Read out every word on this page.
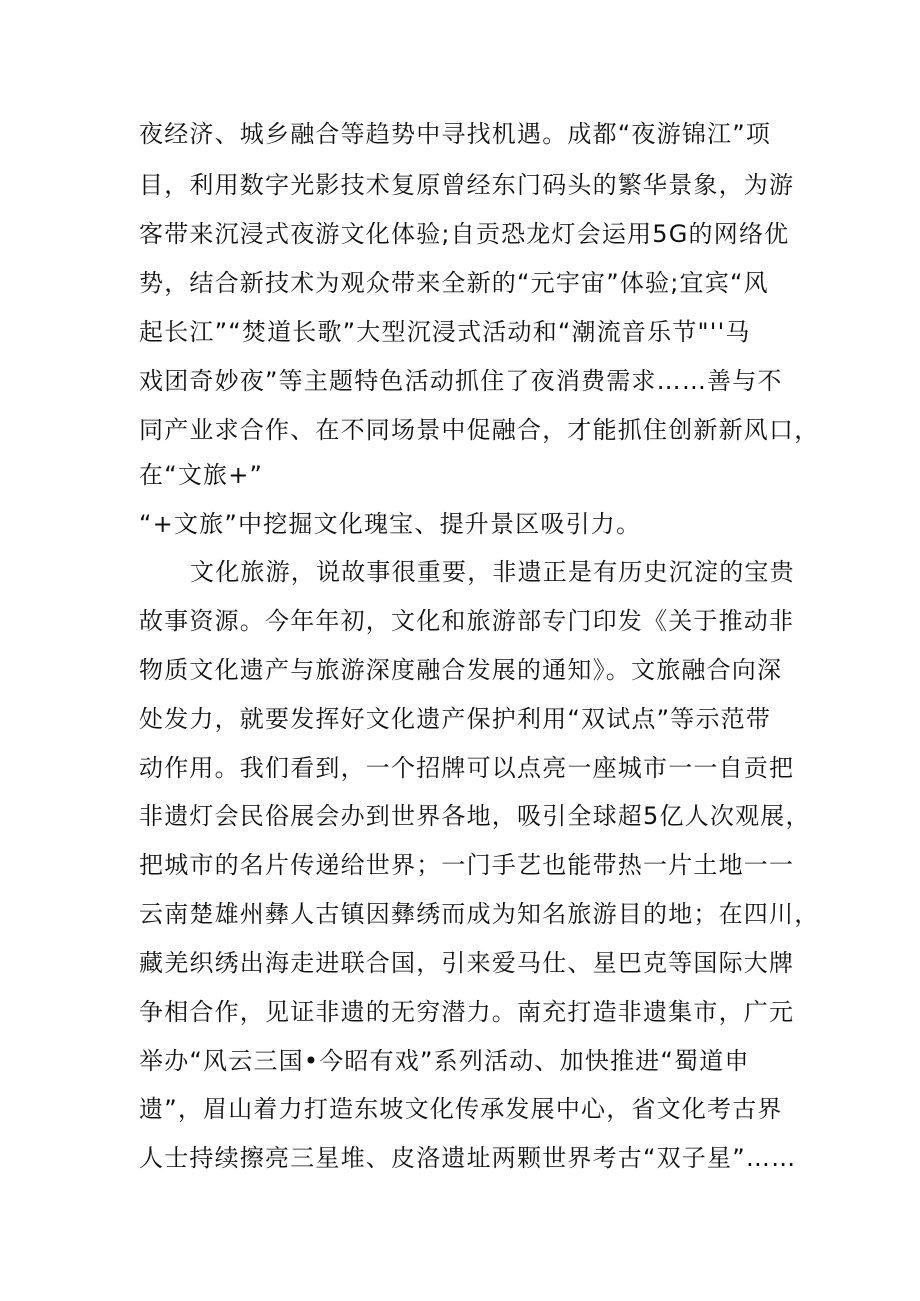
夜经济、城乡融合等趋势中寻找机遇。成都“夜游锦江”项
目，利用数字光影技术复原曾经东门码头的繁华景象，为游
客带来沉浸式夜游文化体验;自贡恐龙灯会运用5G的网络优
势，结合新技术为观众带来全新的“元宇宙”体验;宜宾“风
起长江”“焚道长歌”大型沉浸式活动和“潮流音乐节"''马
戏团奇妙夜”等主题特色活动抓住了夜消费需求……善与不
同产业求合作、在不同场景中促融合，才能抓住创新新风口，
在“文旅+”
“+文旅”中挖掘文化瑰宝、提升景区吸引力。
文化旅游，说故事很重要，非遗正是有历史沉淀的宝贵
故事资源。今年年初，文化和旅游部专门印发《关于推动非
物质文化遗产与旅游深度融合发展的通知》。文旅融合向深
处发力，就要发挥好文化遗产保护利用“双试点”等示范带
动作用。我们看到，一个招牌可以点亮一座城市一一自贡把
非遗灯会民俗展会办到世界各地，吸引全球超5亿人次观展，
把城市的名片传递给世界；一门手艺也能带热一片土地一一
云南楚雄州彝人古镇因彝绣而成为知名旅游目的地；在四川，
藏羌织绣出海走进联合国，引来爱马仕、星巴克等国际大牌
争相合作，见证非遗的无穷潜力。南充打造非遗集市，广元
举办“风云三国•今昭有戏”系列活动、加快推进“蜀道申
遗”，眉山着力打造东坡文化传承发展中心，省文化考古界
人士持续擦亮三星堆、皮洛遗址两颗世界考古“双子星”……
